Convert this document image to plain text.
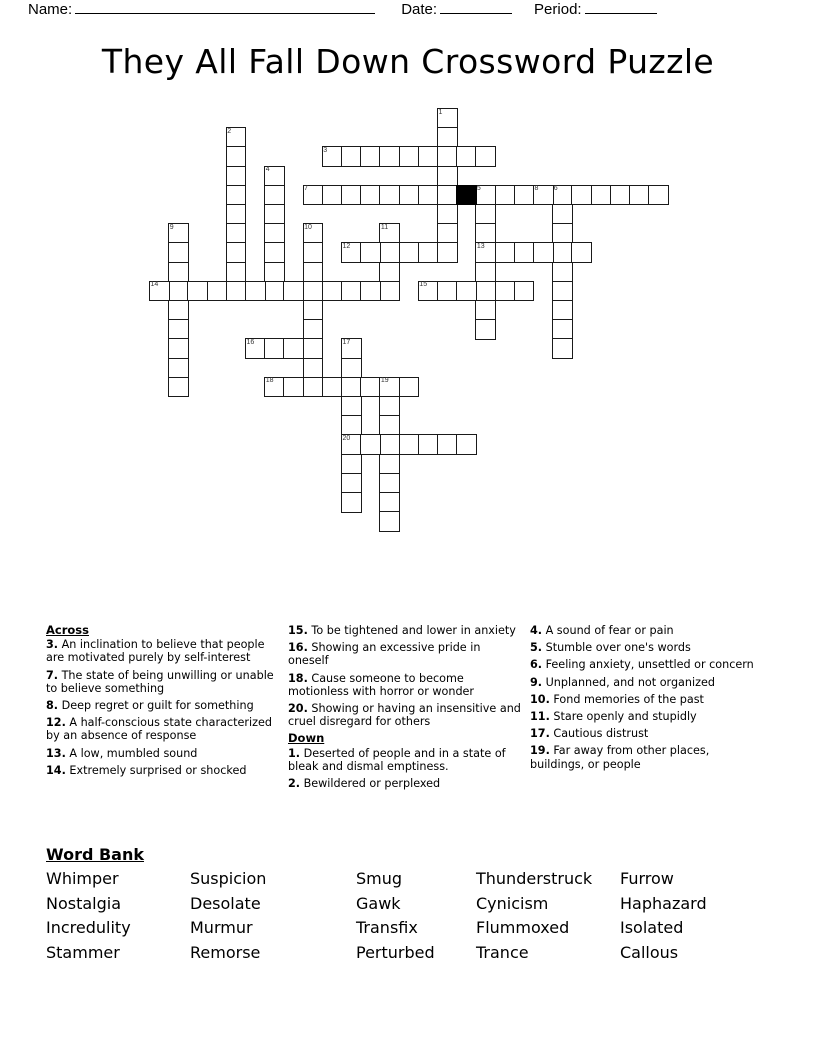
Name:	Date:	Period:
They All Fall Down Crossword Puzzle
1
2
3
4
5
13
6
7	8
9	10	11
12
14	15
16	17
20
18	19
Across
3. An inclination to believe that people are motivated purely by self-interest
7. The state of being unwilling or unable to believe something
8. Deep regret or guilt for something
12. A half-conscious state characterized by an absence of response
13. A low, mumbled sound
14. Extremely surprised or shocked
15. To be tightened and lower in anxiety
16. Showing an excessive pride in oneself
18. Cause someone to become motionless with horror or wonder
20. Showing or having an insensitive and cruel disregard for others
Down
1. Deserted of people and in a state of bleak and dismal emptiness.
2. Bewildered or perplexed
4. A sound of fear or pain
5. Stumble over one's words
6. Feeling anxiety, unsettled or concern
9. Unplanned, and not organized
10. Fond memories of the past
11. Stare openly and stupidly
17. Cautious distrust
19. Far away from other places, buildings, or people
Word Bank
Whimper	Suspicion	Smug	Thunderstruck	Furrow
Nostalgia	Desolate	Gawk	Cynicism	Haphazard
Incredulity	Murmur	Transfix	Flummoxed	Isolated
Stammer	Remorse	Perturbed	Trance	Callous
